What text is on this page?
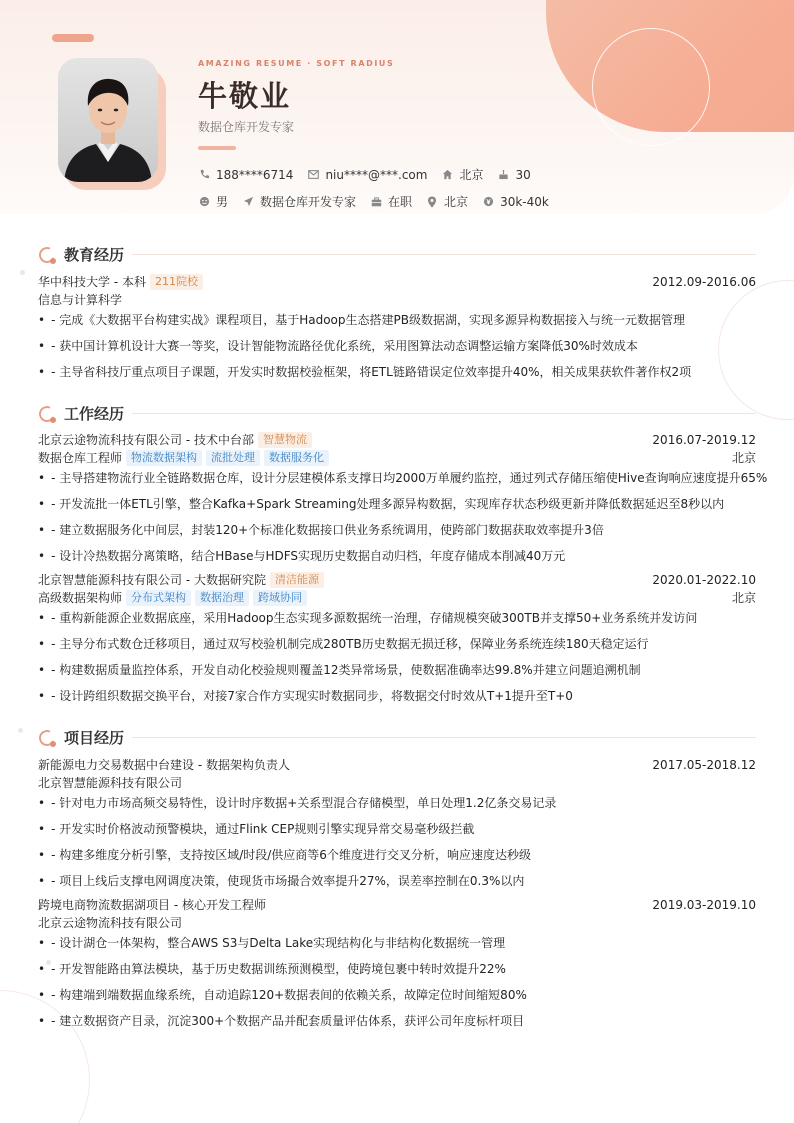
AMAZING RESUME · SOFT RADIUS
牛敬业
数据仓库开发专家
188****6714	niu****@***.com	北京	30
男	数据仓库开发专家	在职	北京	30k-40k
教育经历
华中科技大学 - 本科 211院校	2012.09-2016.06
信息与计算科学
• - 完成《大数据平台构建实战》课程项目，基于Hadoop生态搭建PB级数据湖，实现多源异构数据接入与统一元数据管理
• - 获中国计算机设计大赛一等奖，设计智能物流路径优化系统，采用图算法动态调整运输方案降低30%时效成本
• - 主导省科技厅重点项目子课题，开发实时数据校验框架，将ETL链路错误定位效率提升40%，相关成果获软件著作权2项
工作经历
北京云途物流科技有限公司 - 技术中台部 智慧物流	2016.07-2019.12
数据仓库工程师 物流数据架构	流批处理	数据服务化	北京
• - 主导搭建物流行业全链路数据仓库，设计分层建模体系支撑日均2000万单履约监控，通过列式存储压缩使Hive查询响应速度提升65%
• - 开发流批一体ETL引擎，整合Kafka+Spark Streaming处理多源异构数据，实现库存状态秒级更新并降低数据延迟至8秒以内
• - 建立数据服务化中间层，封装120+个标准化数据接口供业务系统调用，使跨部门数据获取效率提升3倍
• - 设计冷热数据分离策略，结合HBase与HDFS实现历史数据自动归档，年度存储成本削减40万元
北京智慧能源科技有限公司 - 大数据研究院 清洁能源	2020.01-2022.10
高级数据架构师 分布式架构	数据治理	跨域协同	北京
• - 重构新能源企业数据底座，采用Hadoop生态实现多源数据统一治理，存储规模突破300TB并支撑50+业务系统并发访问
• - 主导分布式数仓迁移项目，通过双写校验机制完成280TB历史数据无损迁移，保障业务系统连续180天稳定运行
• - 构建数据质量监控体系，开发自动化校验规则覆盖12类异常场景，使数据准确率达99.8%并建立问题追溯机制
• - 设计跨组织数据交换平台，对接7家合作方实现实时数据同步，将数据交付时效从T+1提升至T+0
项目经历
新能源电力交易数据中台建设 - 数据架构负责人	2017.05-2018.12
北京智慧能源科技有限公司
• - 针对电力市场高频交易特性，设计时序数据+关系型混合存储模型，单日处理1.2亿条交易记录
• - 开发实时价格波动预警模块，通过Flink CEP规则引擎实现异常交易毫秒级拦截
• - 构建多维度分析引擎，支持按区域/时段/供应商等6个维度进行交叉分析，响应速度达秒级
• - 项目上线后支撑电网调度决策，使现货市场撮合效率提升27%，误差率控制在0.3%以内
跨境电商物流数据湖项目 - 核心开发工程师	2019.03-2019.10
北京云途物流科技有限公司
• - 设计湖仓一体架构，整合AWS S3与Delta Lake实现结构化与非结构化数据统一管理
• - 开发智能路由算法模块，基于历史数据训练预测模型，使跨境包裹中转时效提升22%
• - 构建端到端数据血缘系统，自动追踪120+数据表间的依赖关系，故障定位时间缩短80%
• - 建立数据资产目录，沉淀300+个数据产品并配套质量评估体系，获评公司年度标杆项目
